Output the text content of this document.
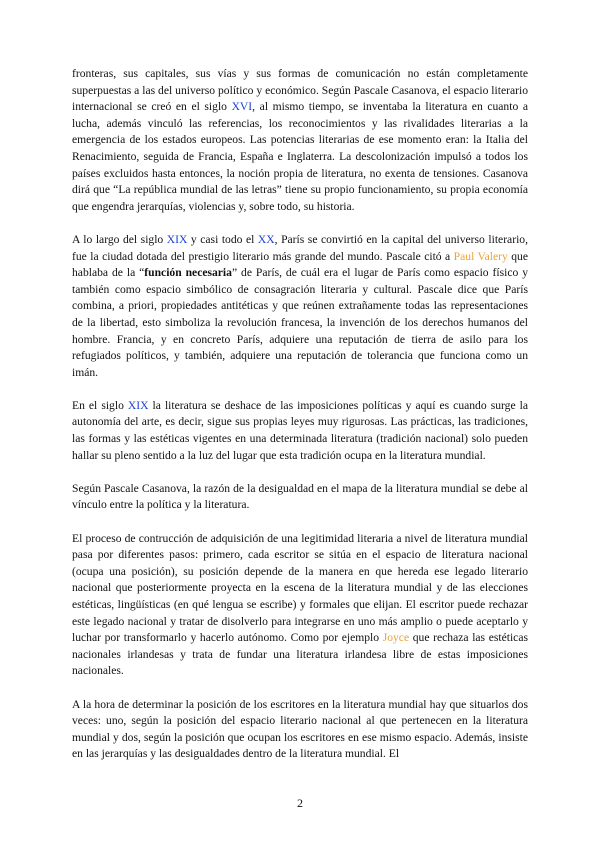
fronteras, sus capitales, sus vías y sus formas de comunicación no están completamente superpuestas a las del universo político y económico. Según Pascale Casanova, el espacio literario internacional se creó en el siglo XVI, al mismo tiempo, se inventaba la literatura en cuanto a lucha, además vinculó las referencias, los reconocimientos y las rivalidades literarias a la emergencia de los estados europeos. Las potencias literarias de ese momento eran: la Italia del Renacimiento, seguida de Francia, España e Inglaterra. La descolonización impulsó a todos los países excluidos hasta entonces, la noción propia de literatura, no exenta de tensiones. Casanova dirá que “La república mundial de las letras” tiene su propio funcionamiento, su propia economía que engendra jerarquías, violencias y, sobre todo, su historia.

A lo largo del siglo XIX y casi todo el XX, París se convirtió en la capital del universo literario, fue la ciudad dotada del prestigio literario más grande del mundo. Pascale citó a Paul Valery que hablaba de la “función necesaria” de París, de cuál era el lugar de París como espacio físico y también como espacio simbólico de consagración literaria y cultural. Pascale dice que París combina, a priori, propiedades antitéticas y que reúnen extrañamente todas las representaciones de la libertad, esto simboliza la revolución francesa, la invención de los derechos humanos del hombre. Francia, y en concreto París, adquiere una reputación de tierra de asilo para los refugiados políticos, y también, adquiere una reputación de tolerancia que funciona como un imán.

En el siglo XIX la literatura se deshace de las imposiciones políticas y aquí es cuando surge la autonomía del arte, es decir, sigue sus propias leyes muy rigurosas. Las prácticas, las tradiciones, las formas y las estéticas vigentes en una determinada literatura (tradición nacional) solo pueden hallar su pleno sentido a la luz del lugar que esta tradición ocupa en la literatura mundial.

Según Pascale Casanova, la razón de la desigualdad en el mapa de la literatura mundial se debe al vínculo entre la política y la literatura.

El proceso de contrucción de adquisición de una legitimidad literaria a nivel de literatura mundial pasa por diferentes pasos: primero, cada escritor se sitúa en el espacio de literatura nacional (ocupa una posición), su posición depende de la manera en que hereda ese legado literario nacional que posteriormente proyecta en la escena de la literatura mundial y de las elecciones estéticas, lingüísticas (en qué lengua se escribe) y formales que elijan. El escritor puede rechazar este legado nacional y tratar de disolverlo para integrarse en uno más amplio o puede aceptarlo y luchar por transformarlo y hacerlo autónomo. Como por ejemplo Joyce que rechaza las estéticas nacionales irlandesas y trata de fundar una literatura irlandesa libre de estas imposiciones nacionales.

A la hora de determinar la posición de los escritores en la literatura mundial hay que situarlos dos veces: uno, según la posición del espacio literario nacional al que pertenecen en la literatura mundial y dos, según la posición que ocupan los escritores en ese mismo espacio. Además, insiste en las jerarquías y las desigualdades dentro de la literatura mundial. El

2
